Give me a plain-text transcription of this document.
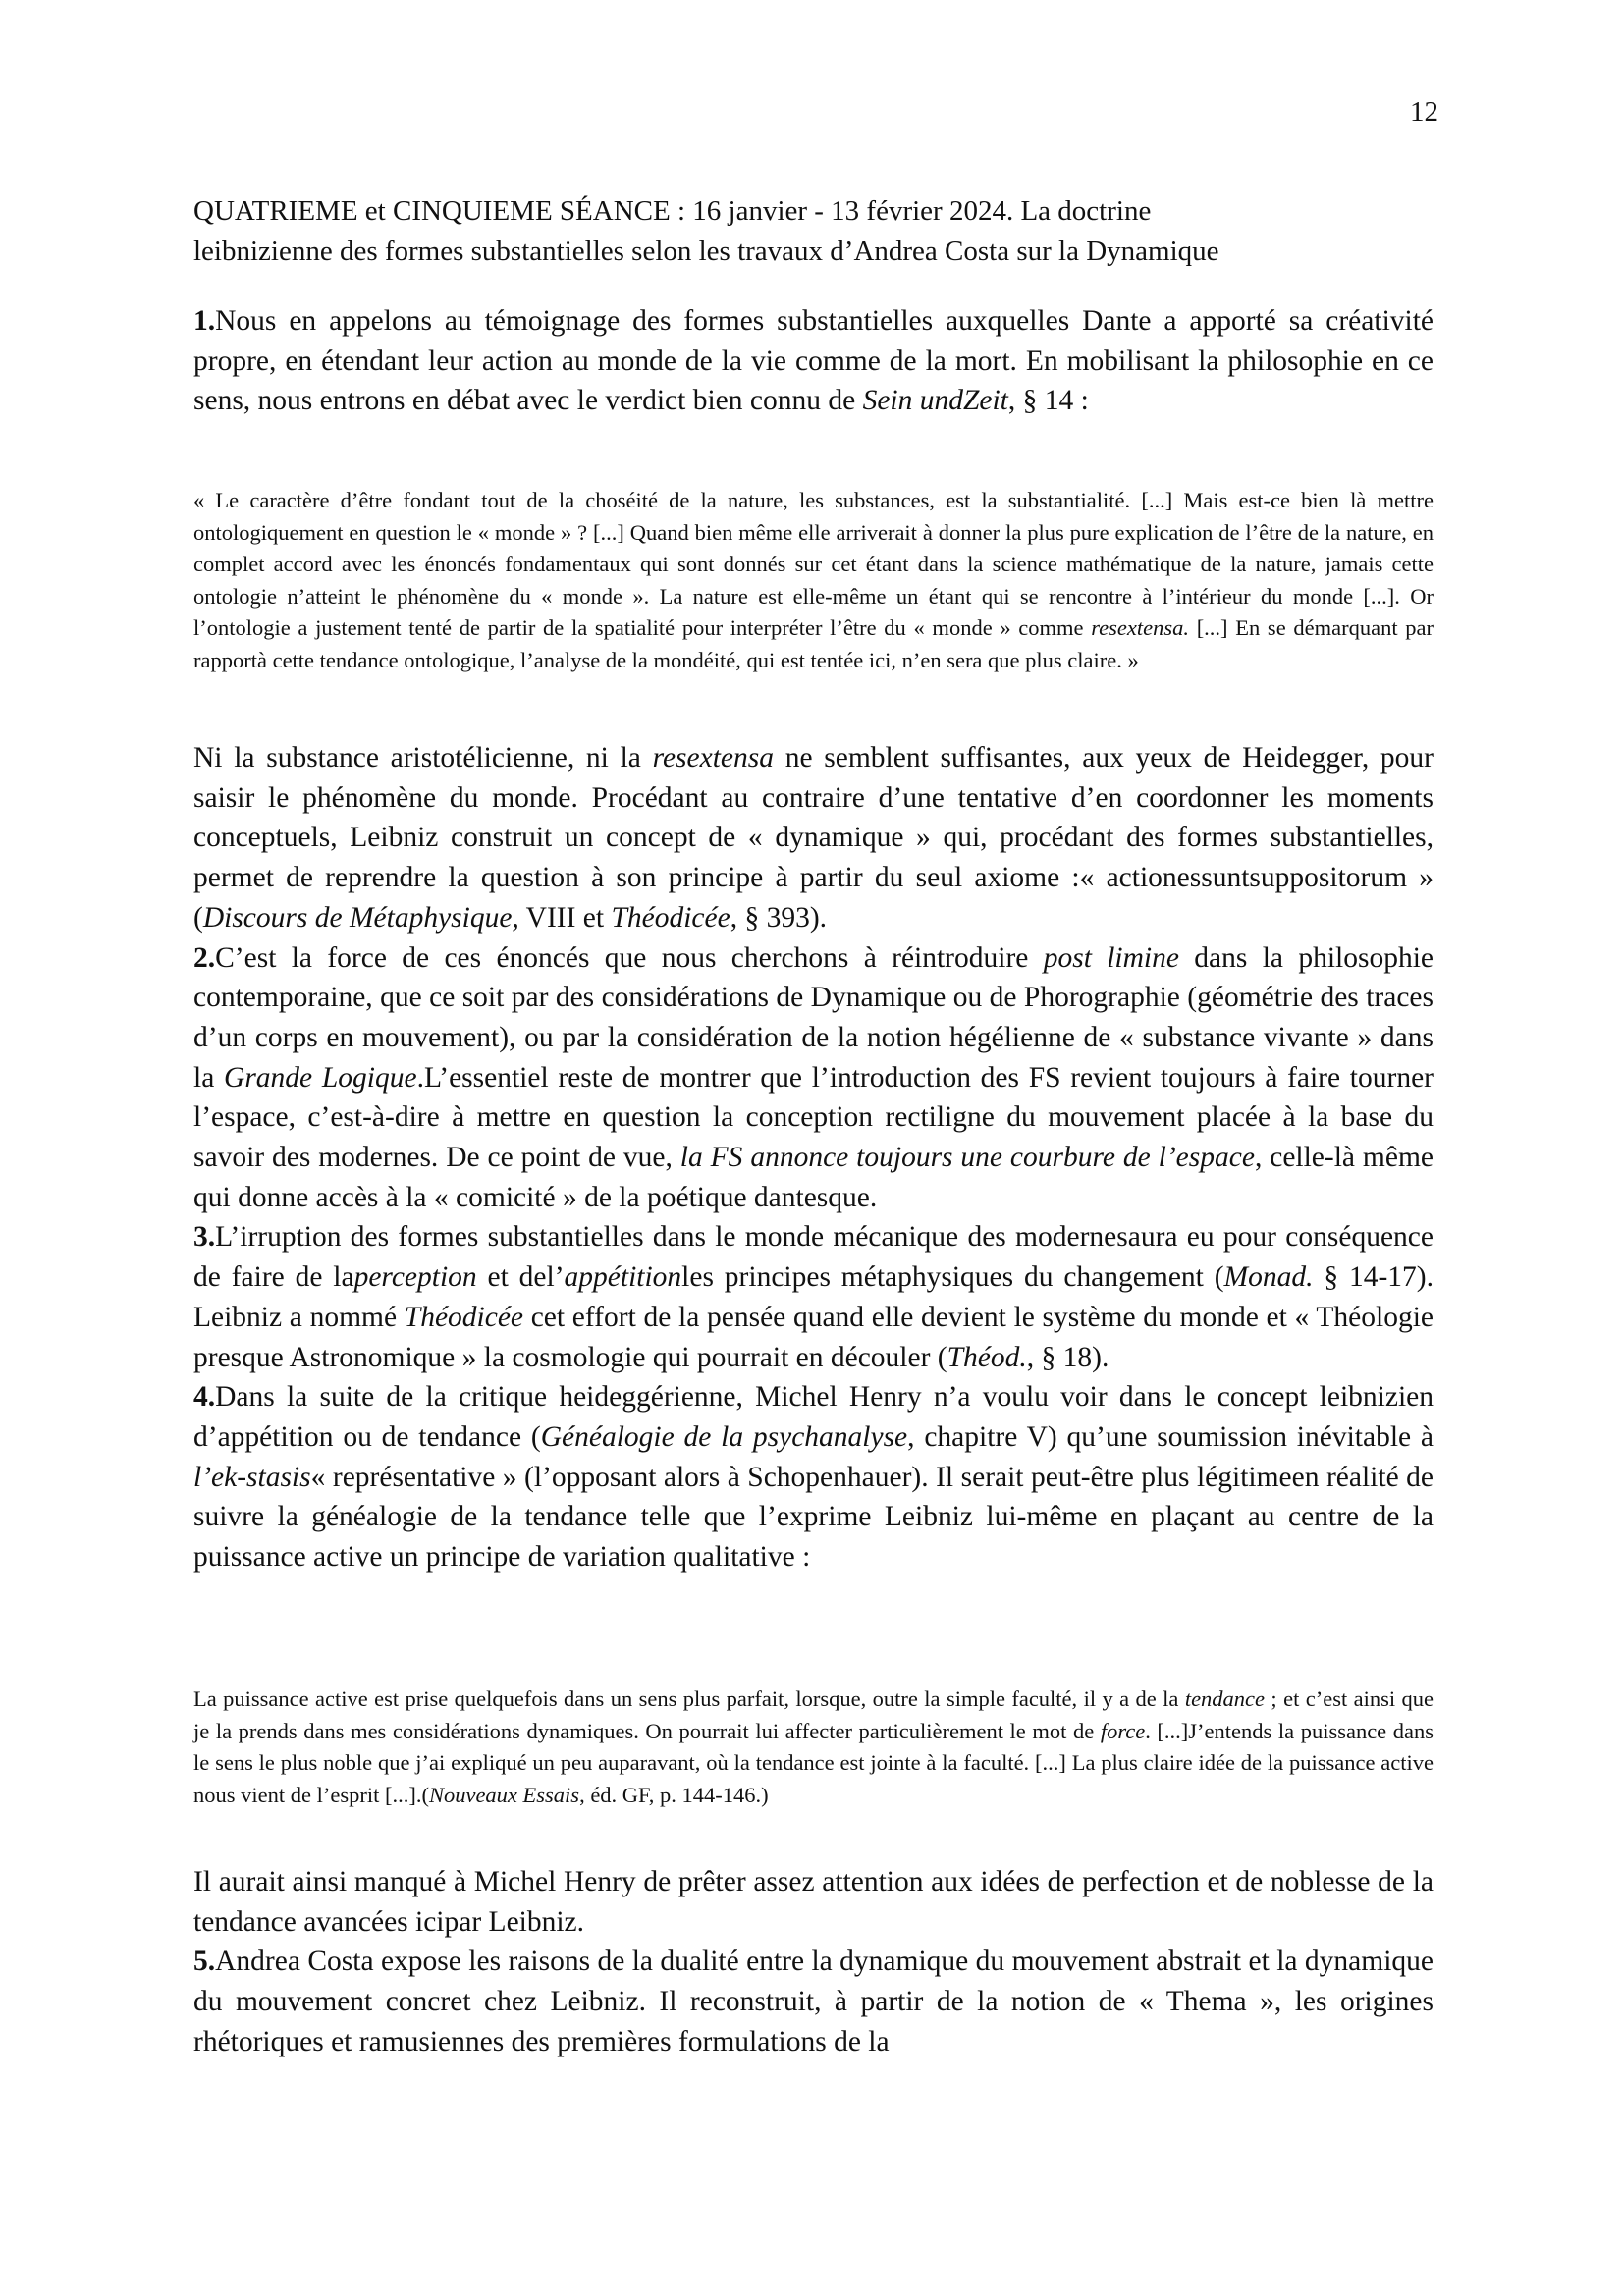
12
QUATRIEME et CINQUIEME SÉANCE : 16 janvier - 13 février 2024. La doctrine
leibnizienne des formes substantielles selon les travaux d’Andrea Costa sur la Dynamique

1.Nous en appelons au témoignage des formes substantielles auxquelles Dante a apporté sa créativité propre, en étendant leur action au monde de la vie comme de la mort. En mobilisant la philosophie en ce sens, nous entrons en débat avec le verdict bien connu de Sein undZeit, § 14 :

« Le caractère d’être fondant tout de la choséité de la nature, les substances, est la substantialité. [...] Mais est-ce bien là mettre ontologiquement en question le « monde » ? [...] Quand bien même elle arriverait à donner la plus pure explication de l’être de la nature, en complet accord avec les énoncés fondamentaux qui sont donnés sur cet étant dans la science mathématique de la nature, jamais cette ontologie n’atteint le phénomène du « monde ». La nature est elle-même un étant qui se rencontre à l’intérieur du monde [...]. Or l’ontologie a justement tenté de partir de la spatialité pour interpréter l’être du « monde » comme resextensa. [...] En se démarquant par rapportà cette tendance ontologique, l’analyse de la mondéité, qui est tentée ici, n’en sera que plus claire. »

Ni la substance aristotélicienne, ni la resextensa ne semblent suffisantes, aux yeux de Heidegger, pour saisir le phénomène du monde. Procédant au contraire d’une tentative d’en coordonner les moments conceptuels, Leibniz construit un concept de « dynamique » qui, procédant des formes substantielles, permet de reprendre la question à son principe à partir du seul axiome :« actionessuntsuppositorum » (Discours de Métaphysique, VIII et Théodicée, § 393).

2.C’est la force de ces énoncés que nous cherchons à réintroduire post limine dans la philosophie contemporaine, que ce soit par des considérations de Dynamique ou de Phorographie (géométrie des traces d’un corps en mouvement), ou par la considération de la notion hégélienne de « substance vivante » dans la Grande Logique.L’essentiel reste de montrer que l’introduction des FS revient toujours à faire tourner l’espace, c’est-à-dire à mettre en question la conception rectiligne du mouvement placée à la base du savoir des modernes. De ce point de vue, la FS annonce toujours une courbure de l’espace, celle-là même qui donne accès à la « comicité » de la poétique dantesque.

3.L’irruption des formes substantielles dans le monde mécanique des modernesaura eu pour conséquence de faire de laperception et del’appétitionles principes métaphysiques du changement (Monad. § 14-17). Leibniz a nommé Théodicée cet effort de la pensée quand elle devient le système du monde et « Théologie presque Astronomique » la cosmologie qui pourrait en découler (Théod., § 18).

4.Dans la suite de la critique heideggérienne, Michel Henry n’a voulu voir dans le concept leibnizien d’appétition ou de tendance (Généalogie de la psychanalyse, chapitre V) qu’une soumission inévitable à l’ek-stasis« représentative » (l’opposant alors à Schopenhauer). Il serait peut-être plus légitimeen réalité de suivre la généalogie de la tendance telle que l’exprime Leibniz lui-même en plaçant au centre de la puissance active un principe de variation qualitative :

La puissance active est prise quelquefois dans un sens plus parfait, lorsque, outre la simple faculté, il y a de la tendance ; et c’est ainsi que je la prends dans mes considérations dynamiques. On pourrait lui affecter particulièrement le mot de force. [...]J’entends la puissance dans le sens le plus noble que j’ai expliqué un peu auparavant, où la tendance est jointe à la faculté. [...] La plus claire idée de la puissance active nous vient de l’esprit [...].(Nouveaux Essais, éd. GF, p. 144-146.)

Il aurait ainsi manqué à Michel Henry de prêter assez attention aux idées de perfection et de noblesse de la tendance avancées icipar Leibniz.

5.Andrea Costa expose les raisons de la dualité entre la dynamique du mouvement abstrait et la dynamique du mouvement concret chez Leibniz. Il reconstruit, à partir de la notion de « Thema », les origines rhétoriques et ramusiennes des premières formulations de la
